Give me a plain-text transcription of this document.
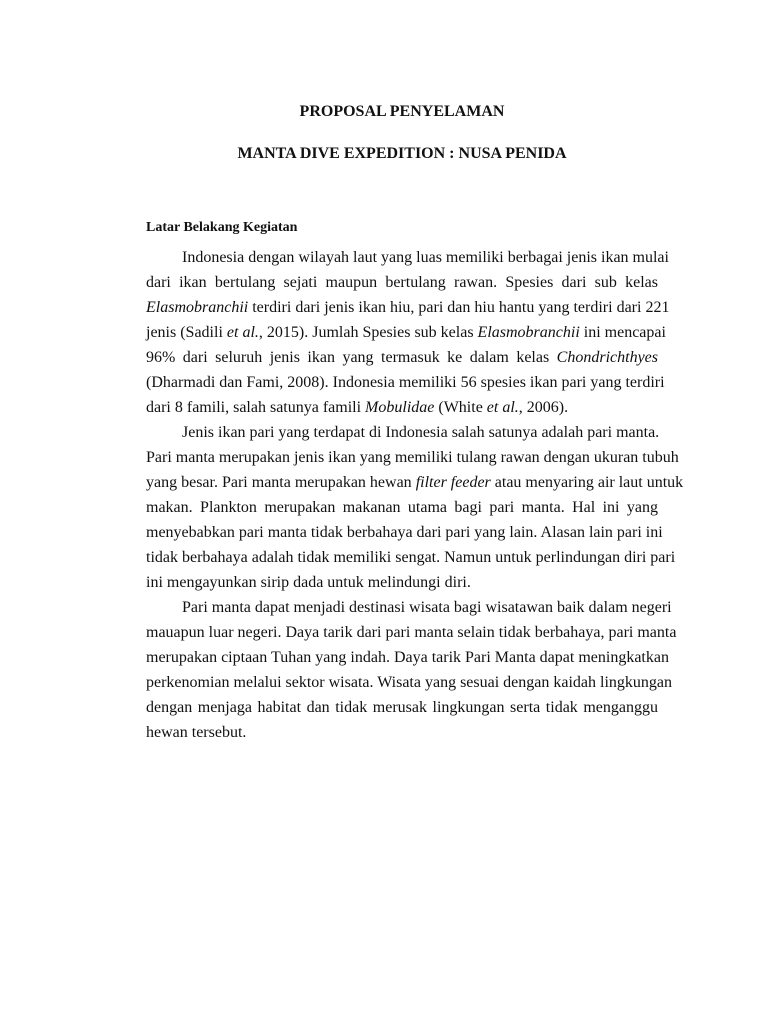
PROPOSAL PENYELAMAN
MANTA DIVE EXPEDITION : NUSA PENIDA
Latar Belakang Kegiatan
Indonesia dengan wilayah laut yang luas memiliki berbagai jenis ikan mulai
dari ikan bertulang sejati maupun bertulang rawan. Spesies dari sub kelas
Elasmobranchii terdiri dari jenis ikan hiu, pari dan hiu hantu yang terdiri dari 221
jenis (Sadili et al., 2015). Jumlah Spesies sub kelas Elasmobranchii ini mencapai
96% dari seluruh jenis ikan yang termasuk ke dalam kelas Chondrichthyes
(Dharmadi dan Fami, 2008). Indonesia memiliki 56 spesies ikan pari yang terdiri
dari 8 famili, salah satunya famili Mobulidae (White et al., 2006).
Jenis ikan pari yang terdapat di Indonesia salah satunya adalah pari manta.
Pari manta merupakan jenis ikan yang memiliki tulang rawan dengan ukuran tubuh
yang besar. Pari manta merupakan hewan filter feeder atau menyaring air laut untuk
makan. Plankton merupakan makanan utama bagi pari manta. Hal ini yang
menyebabkan pari manta tidak berbahaya dari pari yang lain. Alasan lain pari ini
tidak berbahaya adalah tidak memiliki sengat. Namun untuk perlindungan diri pari
ini mengayunkan sirip dada untuk melindungi diri.
Pari manta dapat menjadi destinasi wisata bagi wisatawan baik dalam negeri
mauapun luar negeri. Daya tarik dari pari manta selain tidak berbahaya, pari manta
merupakan ciptaan Tuhan yang indah. Daya tarik Pari Manta dapat meningkatkan
perkenomian melalui sektor wisata. Wisata yang sesuai dengan kaidah lingkungan
dengan menjaga habitat dan tidak merusak lingkungan serta tidak menganggu
hewan tersebut.
